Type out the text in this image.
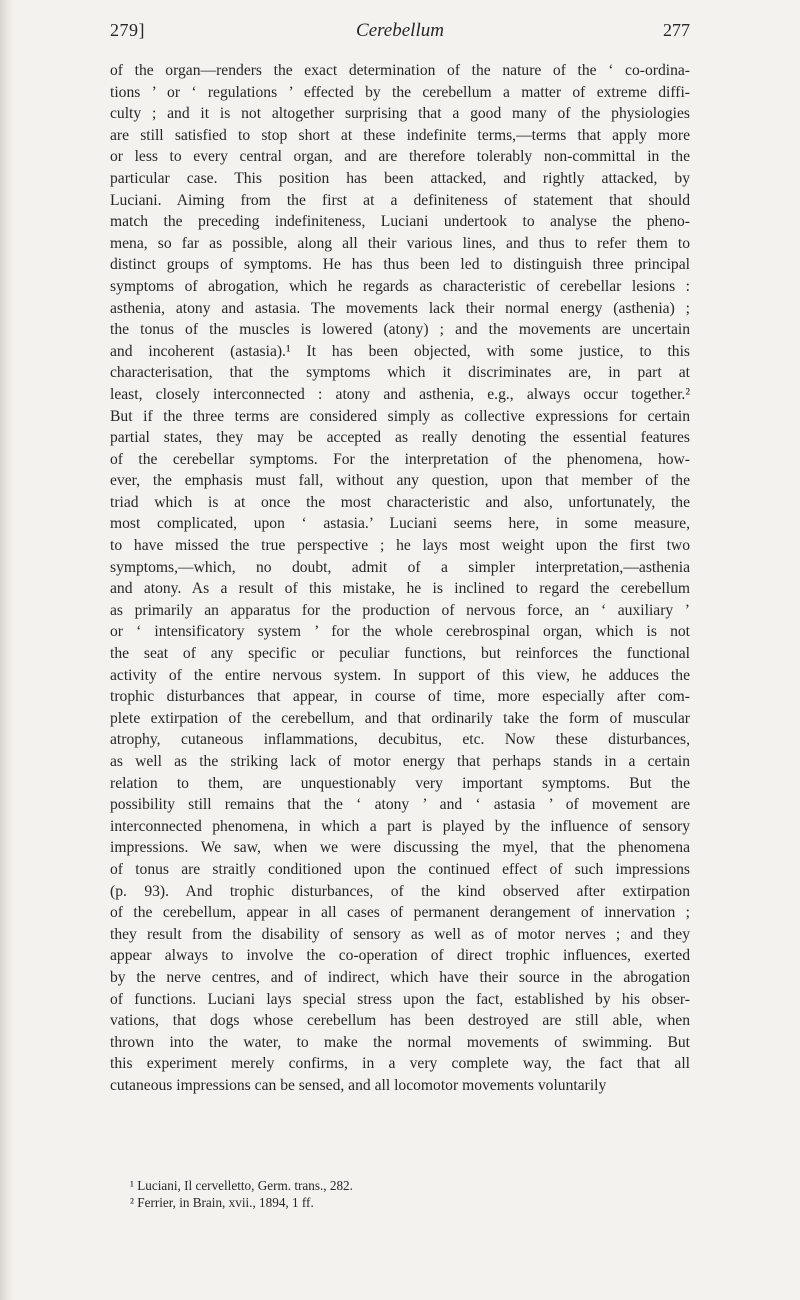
279]	Cerebellum	277
of the organ—renders the exact determination of the nature of the ‘ co-ordina-
tions ’ or ‘ regulations ’ effected by the cerebellum a matter of extreme diffi-
culty ; and it is not altogether surprising that a good many of the physiologies
are still satisfied to stop short at these indefinite terms,—terms that apply more
or less to every central organ, and are therefore tolerably non-committal in the
particular case. This position has been attacked, and rightly attacked, by
Luciani. Aiming from the first at a definiteness of statement that should
match the preceding indefiniteness, Luciani undertook to analyse the pheno-
mena, so far as possible, along all their various lines, and thus to refer them to
distinct groups of symptoms. He has thus been led to distinguish three principal
symptoms of abrogation, which he regards as characteristic of cerebellar lesions :
asthenia, atony and astasia. The movements lack their normal energy (asthenia) ;
the tonus of the muscles is lowered (atony) ; and the movements are uncertain
and incoherent (astasia).¹ It has been objected, with some justice, to this
characterisation, that the symptoms which it discriminates are, in part at
least, closely interconnected : atony and asthenia, e.g., always occur together.²
But if the three terms are considered simply as collective expressions for certain
partial states, they may be accepted as really denoting the essential features
of the cerebellar symptoms. For the interpretation of the phenomena, how-
ever, the emphasis must fall, without any question, upon that member of the
triad which is at once the most characteristic and also, unfortunately, the
most complicated, upon ‘ astasia.’ Luciani seems here, in some measure,
to have missed the true perspective ; he lays most weight upon the first two
symptoms,—which, no doubt, admit of a simpler interpretation,—asthenia
and atony. As a result of this mistake, he is inclined to regard the cerebellum
as primarily an apparatus for the production of nervous force, an ‘ auxiliary ’
or ‘ intensificatory system ’ for the whole cerebrospinal organ, which is not
the seat of any specific or peculiar functions, but reinforces the functional
activity of the entire nervous system. In support of this view, he adduces the
trophic disturbances that appear, in course of time, more especially after com-
plete extirpation of the cerebellum, and that ordinarily take the form of muscular
atrophy, cutaneous inflammations, decubitus, etc. Now these disturbances,
as well as the striking lack of motor energy that perhaps stands in a certain
relation to them, are unquestionably very important symptoms. But the
possibility still remains that the ‘ atony ’ and ‘ astasia ’ of movement are
interconnected phenomena, in which a part is played by the influence of sensory
impressions. We saw, when we were discussing the myel, that the phenomena
of tonus are straitly conditioned upon the continued effect of such impressions
(p. 93). And trophic disturbances, of the kind observed after extirpation
of the cerebellum, appear in all cases of permanent derangement of innervation ;
they result from the disability of sensory as well as of motor nerves ; and they
appear always to involve the co-operation of direct trophic influences, exerted
by the nerve centres, and of indirect, which have their source in the abrogation
of functions. Luciani lays special stress upon the fact, established by his obser-
vations, that dogs whose cerebellum has been destroyed are still able, when
thrown into the water, to make the normal movements of swimming. But
this experiment merely confirms, in a very complete way, the fact that all
cutaneous impressions can be sensed, and all locomotor movements voluntarily
¹ Luciani, Il cervelletto, Germ. trans., 282.
² Ferrier, in Brain, xvii., 1894, 1 ff.
